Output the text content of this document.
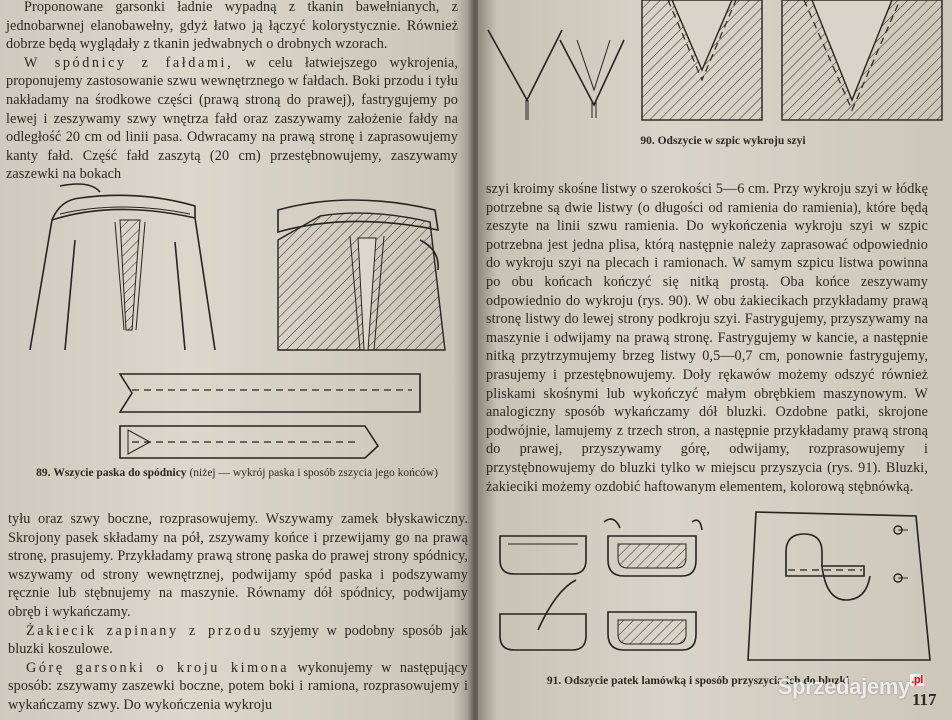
Proponowane garsonki ładnie wypadną z tkanin bawełnianych, z jednobarwnej elanobawełny, gdyż łatwo ją łączyć kolorystycznie. Również dobrze będą wyglądały z tkanin jedwabnych o drobnych wzorach.

W spódnicy z fałdami, w celu łatwiejszego wykrojenia, proponujemy zastosowanie szwu wewnętrznego w fałdach. Boki przodu i tyłu nakładamy na środkowe części (prawą stroną do prawej), fastrygujemy po lewej i zeszywamy szwy wnętrza fałd oraz zaszywamy założenie fałdy na odległość 20 cm od linii pasa. Odwracamy na prawą stronę i zaprasowujemy kanty fałd. Część fałd zaszytą (20 cm) przestębnowujemy, zaszywamy zaszewki na bokach

89. Wszycie paska do spódnicy (niżej — wykrój paska i sposób zszycia jego końców)

tyłu oraz szwy boczne, rozprasowujemy. Wszywamy zamek błyskawiczny. Skrojony pasek składamy na pół, zszywamy końce i przewijamy go na prawą stronę, prasujemy. Przykładamy prawą stronę paska do prawej strony spódnicy, wszywamy od strony wewnętrznej, podwijamy spód paska i podszywamy ręcznie lub stębnujemy na maszynie. Równamy dół spódnicy, podwijamy obręb i wykańczamy.

Żakiecik zapinany z przodu szyjemy w podobny sposób jak bluzki koszulowe.

Górę garsonki o kroju kimona wykonujemy w następujący sposób: zszywamy zaszewki boczne, potem boki i ramiona, rozprasowujemy i wykańczamy szwy. Do wykończenia wykroju

90. Odszycie w szpic wykroju szyi

szyi kroimy skośne listwy o szerokości 5—6 cm. Przy wykroju szyi w łódkę potrzebne są dwie listwy (o długości od ramienia do ramienia), które będą zeszyte na linii szwu ramienia. Do wykończenia wykroju szyi w szpic potrzebna jest jedna plisa, którą następnie należy zaprasować odpowiednio do wykroju szyi na plecach i ramionach. W samym szpicu listwa powinna po obu końcach kończyć się nitką prostą. Oba końce zeszywamy odpowiednio do wykroju (rys. 90). W obu żakiecikach przykładamy prawą stronę listwy do lewej strony podkroju szyi. Fastrygujemy, przyszywamy na maszynie i odwijamy na prawą stronę. Fastrygujemy w kancie, a następnie nitką przytrzymujemy brzeg listwy 0,5—0,7 cm, ponownie fastrygujemy, prasujemy i przestębnowujemy. Doły rękawów możemy odszyć również pliskami skośnymi lub wykończyć małym obrębkiem maszynowym. W analogiczny sposób wykańczamy dół bluzki. Ozdobne patki, skrojone podwójnie, lamujemy z trzech stron, a następnie przykładamy prawą stroną do prawej, przyszywamy górę, odwijamy, rozprasowujemy i przystębnowujemy do bluzki tylko w miejscu przyszycia (rys. 91). Bluzki, żakieciki możemy ozdobić haftowanym elementem, kolorową stębnówką.

91. Odszycie patek lamówką i sposób przyszycia ich do bluzki
117
Sprzedajemy$^{.pl}$
